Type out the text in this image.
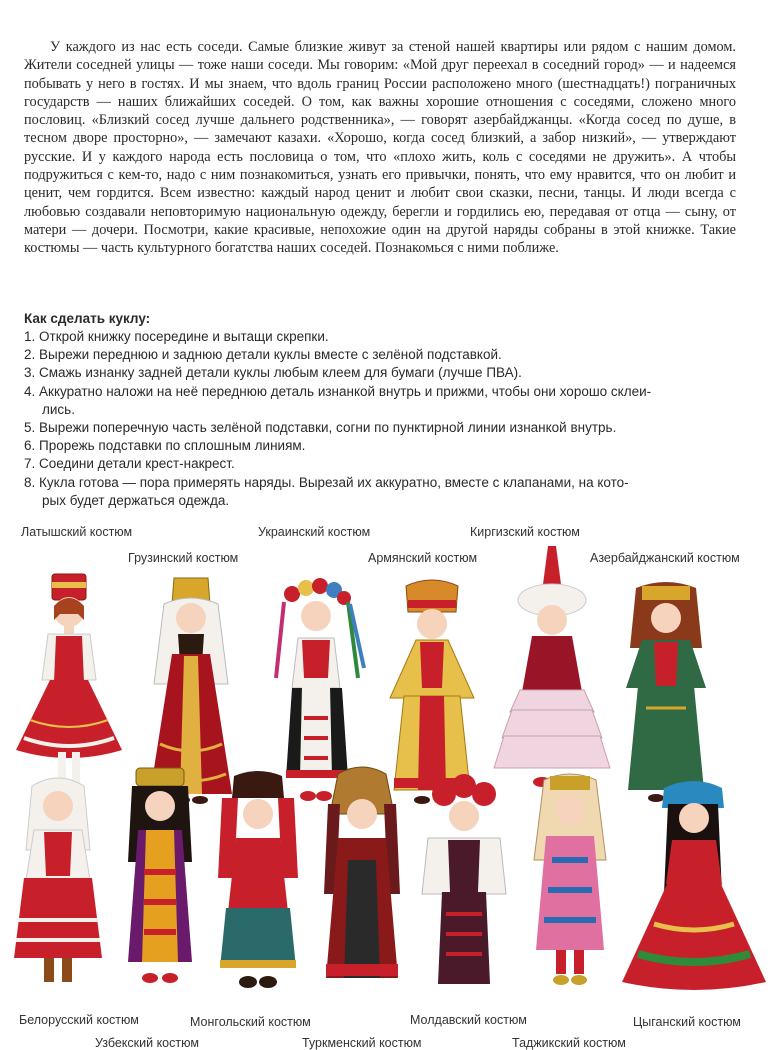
У каждого из нас есть соседи. Самые близкие живут за стеной нашей квартиры или рядом с нашим домом. Жители соседней улицы — тоже наши соседи. Мы говорим: «Мой друг переехал в соседний город» — и надеемся побывать у него в гостях. И мы знаем, что вдоль границ России расположено много (шестнадцать!) пограничных государств — наших ближайших соседей. О том, как важны хорошие отношения с соседями, сложено много пословиц. «Близкий сосед лучше дальнего родственника», — говорят азербайджанцы. «Когда сосед по душе, в тесном дворе просторно», — замечают казахи. «Хорошо, когда сосед близкий, а забор низкий», — утверждают русские. И у каждого народа есть пословица о том, что «плохо жить, коль с соседями не дружить». А чтобы подружиться с кем-то, надо с ним познакомиться, узнать его привычки, понять, что ему нравится, что он любит и ценит, чем гордится. Всем известно: каждый народ ценит и любит свои сказки, песни, танцы. И люди всегда с любовью создавали неповторимую национальную одежду, берегли и гордились ею, передавая от отца — сыну, от матери — дочери. Посмотри, какие красивые, непохожие один на другой наряды собраны в этой книжке. Такие костюмы — часть культурного богатства наших соседей. Познакомься с ними поближе.

Как сделать куклу:

1. Открой книжку посередине и вытащи скрепки.
2. Вырежи переднюю и заднюю детали куклы вместе с зелёной подставкой.
3. Смажь изнанку задней детали куклы любым клеем для бумаги (лучше ПВА).
4. Аккуратно наложи на неё переднюю деталь изнанкой внутрь и прижми, чтобы они хорошо склеи-
лись.
5. Вырежи поперечную часть зелёной подставки, согни по пунктирной линии изнанкой внутрь.
6. Прорежь подставки по сплошным линиям.
7. Соедини детали крест-накрест.
8. Кукла готова — пора примерять наряды. Вырезай их аккуратно, вместе с клапанами, на кото-
рых будет держаться одежда.
Латышский костюм
Грузинский костюм
Украинский костюм
Армянский костюм
Киргизский костюм
Азербайджанский костюм
Белорусский костюм	Монгольский костюм	Молдавский костюм	Цыганский костюм
Узбекский костюм	Туркменский костюм	Таджикский костюм
